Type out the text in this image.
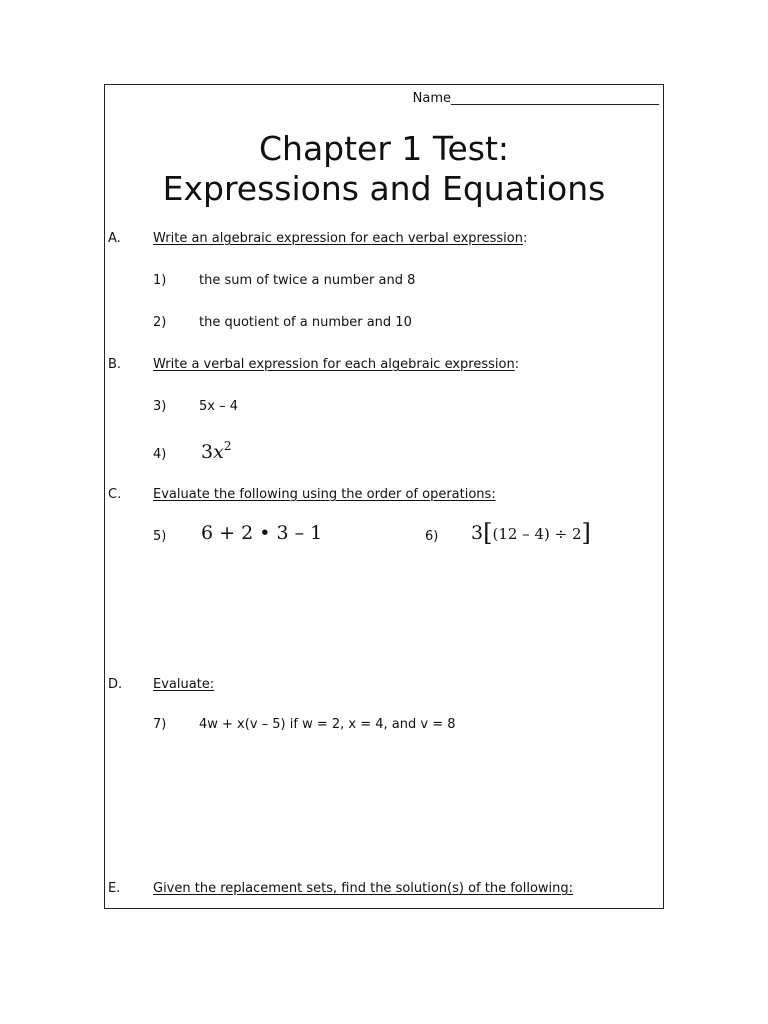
Name________________________________
Chapter 1 Test:
Expressions and Equations
A. Write an algebraic expression for each verbal expression:
1)	the sum of twice a number and 8
2)	the quotient of a number and 10
B. Write a verbal expression for each algebraic expression:
3)	5x – 4
4) $3x^2$
C. Evaluate the following using the order of operations:
5) 6 + 2 • 3 – 1	6) 3[(12 – 4) ÷ 2]
D. Evaluate:
7)	4w + x(v – 5) if w = 2, x = 4, and v = 8
E.	Given the replacement sets, find the solution(s) of the following:
